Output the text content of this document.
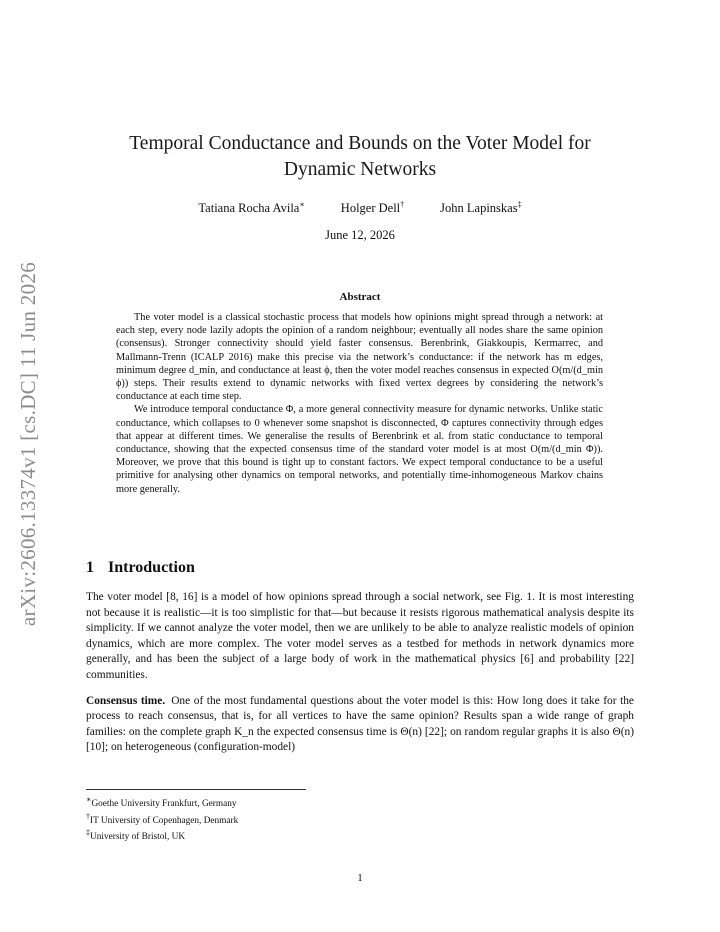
arXiv:2606.13374v1 [cs.DC] 11 Jun 2026
Temporal Conductance and Bounds on the Voter Model for Dynamic Networks
Tatiana Rocha Avila∗	Holger Dell†	John Lapinskas‡
June 12, 2026
Abstract

The voter model is a classical stochastic process that models how opinions might spread through a network: at each step, every node lazily adopts the opinion of a random neighbour; eventually all nodes share the same opinion (consensus). Stronger connectivity should yield faster consensus. Berenbrink, Giakkoupis, Kermarrec, and Mallmann-Trenn (ICALP 2016) make this precise via the network’s conductance: if the network has m edges, minimum degree d_min, and conductance at least ϕ, then the voter model reaches consensus in expected O(m/(d_min ϕ)) steps. Their results extend to dynamic networks with fixed vertex degrees by considering the network’s conductance at each time step.

We introduce temporal conductance Φ, a more general connectivity measure for dynamic networks. Unlike static conductance, which collapses to 0 whenever some snapshot is disconnected, Φ captures connectivity through edges that appear at different times. We generalise the results of Berenbrink et al. from static conductance to temporal conductance, showing that the expected consensus time of the standard voter model is at most O(m/(d_min Φ)). Moreover, we prove that this bound is tight up to constant factors. We expect temporal conductance to be a useful primitive for analysing other dynamics on temporal networks, and potentially time-inhomogeneous Markov chains more generally.

1 Introduction

The voter model [8, 16] is a model of how opinions spread through a social network, see Fig. 1. It is most interesting not because it is realistic—it is too simplistic for that—but because it resists rigorous mathematical analysis despite its simplicity. If we cannot analyze the voter model, then we are unlikely to be able to analyze realistic models of opinion dynamics, which are more complex. The voter model serves as a testbed for methods in network dynamics more generally, and has been the subject of a large body of work in the mathematical physics [6] and probability [22] communities.

Consensus time. One of the most fundamental questions about the voter model is this: How long does it take for the process to reach consensus, that is, for all vertices to have the same opinion? Results span a wide range of graph families: on the complete graph K_n the expected consensus time is Θ(n) [22]; on random regular graphs it is also Θ(n) [10]; on heterogeneous (configuration-model)

∗Goethe University Frankfurt, Germany
†IT University of Copenhagen, Denmark
‡University of Bristol, UK
1
